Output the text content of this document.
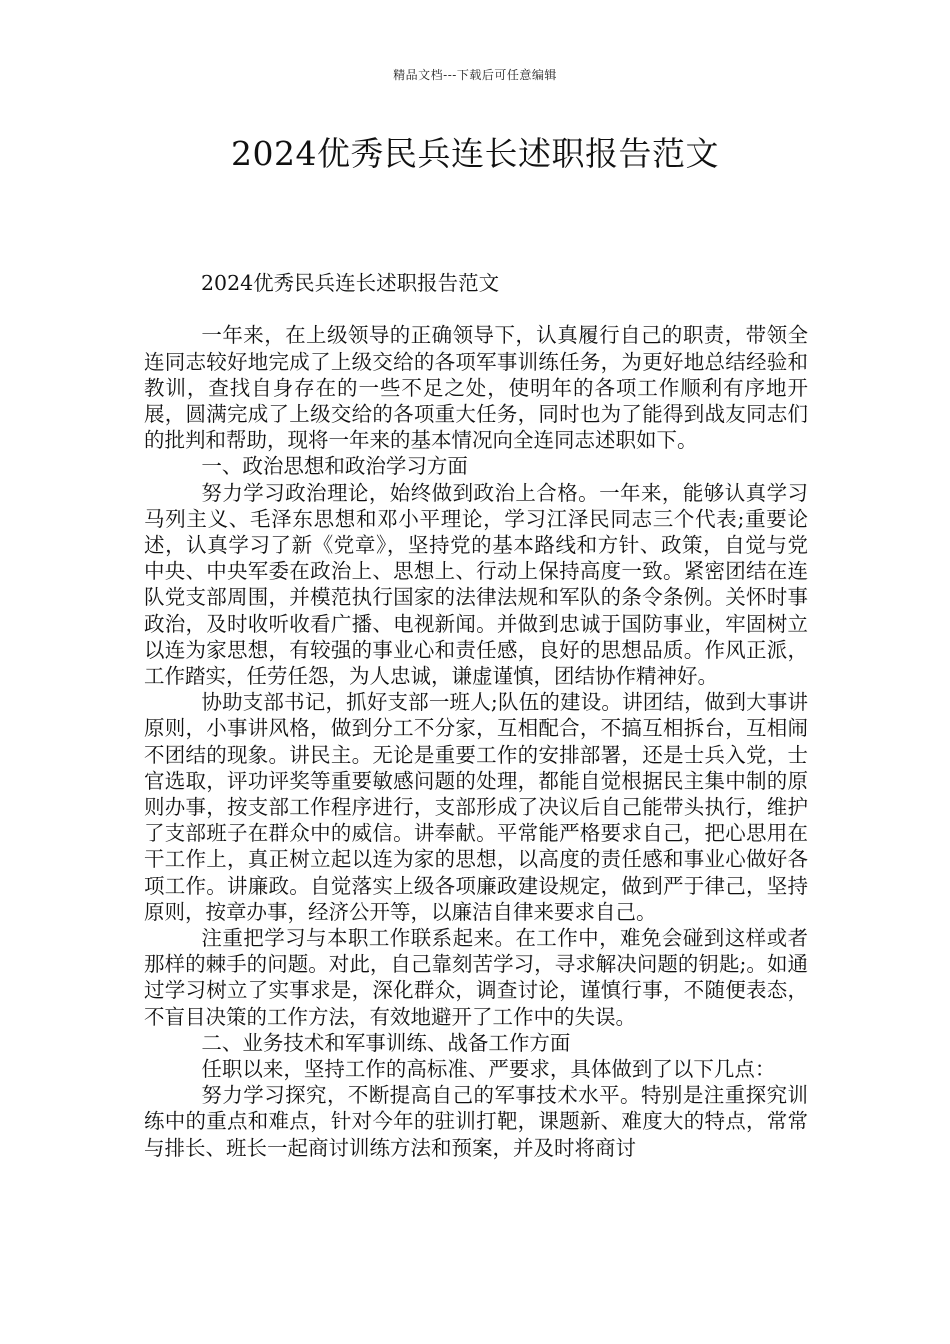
精品文档---下载后可任意编辑
2024优秀民兵连长述职报告范文

2024优秀民兵连长述职报告范文

一年来，在上级领导的正确领导下，认真履行自己的职责，带领全连同志较好地完成了上级交给的各项军事训练任务，为更好地总结经验和教训，查找自身存在的一些不足之处，使明年的各项工作顺利有序地开展，圆满完成了上级交给的各项重大任务，同时也为了能得到战友同志们的批判和帮助，现将一年来的基本情况向全连同志述职如下。

一、政治思想和政治学习方面

努力学习政治理论，始终做到政治上合格。一年来，能够认真学习马列主义、毛泽东思想和邓小平理论，学习江泽民同志三个代表;重要论述，认真学习了新《党章》，坚持党的基本路线和方针、政策，自觉与党中央、中央军委在政治上、思想上、行动上保持高度一致。紧密团结在连队党支部周围，并模范执行国家的法律法规和军队的条令条例。关怀时事政治，及时收听收看广播、电视新闻。并做到忠诚于国防事业，牢固树立以连为家思想，有较强的事业心和责任感，良好的思想品质。作风正派，工作踏实，任劳任怨，为人忠诚，谦虚谨慎，团结协作精神好。

协助支部书记，抓好支部一班人;队伍的建设。讲团结，做到大事讲原则，小事讲风格，做到分工不分家，互相配合，不搞互相拆台，互相闹不团结的现象。讲民主。无论是重要工作的安排部署，还是士兵入党，士官选取，评功评奖等重要敏感问题的处理，都能自觉根据民主集中制的原则办事，按支部工作程序进行，支部形成了决议后自己能带头执行，维护了支部班子在群众中的威信。讲奉献。平常能严格要求自己，把心思用在干工作上，真正树立起以连为家的思想，以高度的责任感和事业心做好各项工作。讲廉政。自觉落实上级各项廉政建设规定，做到严于律己，坚持原则，按章办事，经济公开等，以廉洁自律来要求自己。

注重把学习与本职工作联系起来。在工作中，难免会碰到这样或者那样的棘手的问题。对此，自己靠刻苦学习，寻求解决问题的钥匙;。如通过学习树立了实事求是，深化群众，调查讨论，谨慎行事，不随便表态，不盲目决策的工作方法，有效地避开了工作中的失误。

二、业务技术和军事训练、战备工作方面

任职以来，坚持工作的高标准、严要求，具体做到了以下几点：

努力学习探究，不断提高自己的军事技术水平。特别是注重探究训练中的重点和难点，针对今年的驻训打靶，课题新、难度大的特点，常常与排长、班长一起商讨训练方法和预案，并及时将商讨
